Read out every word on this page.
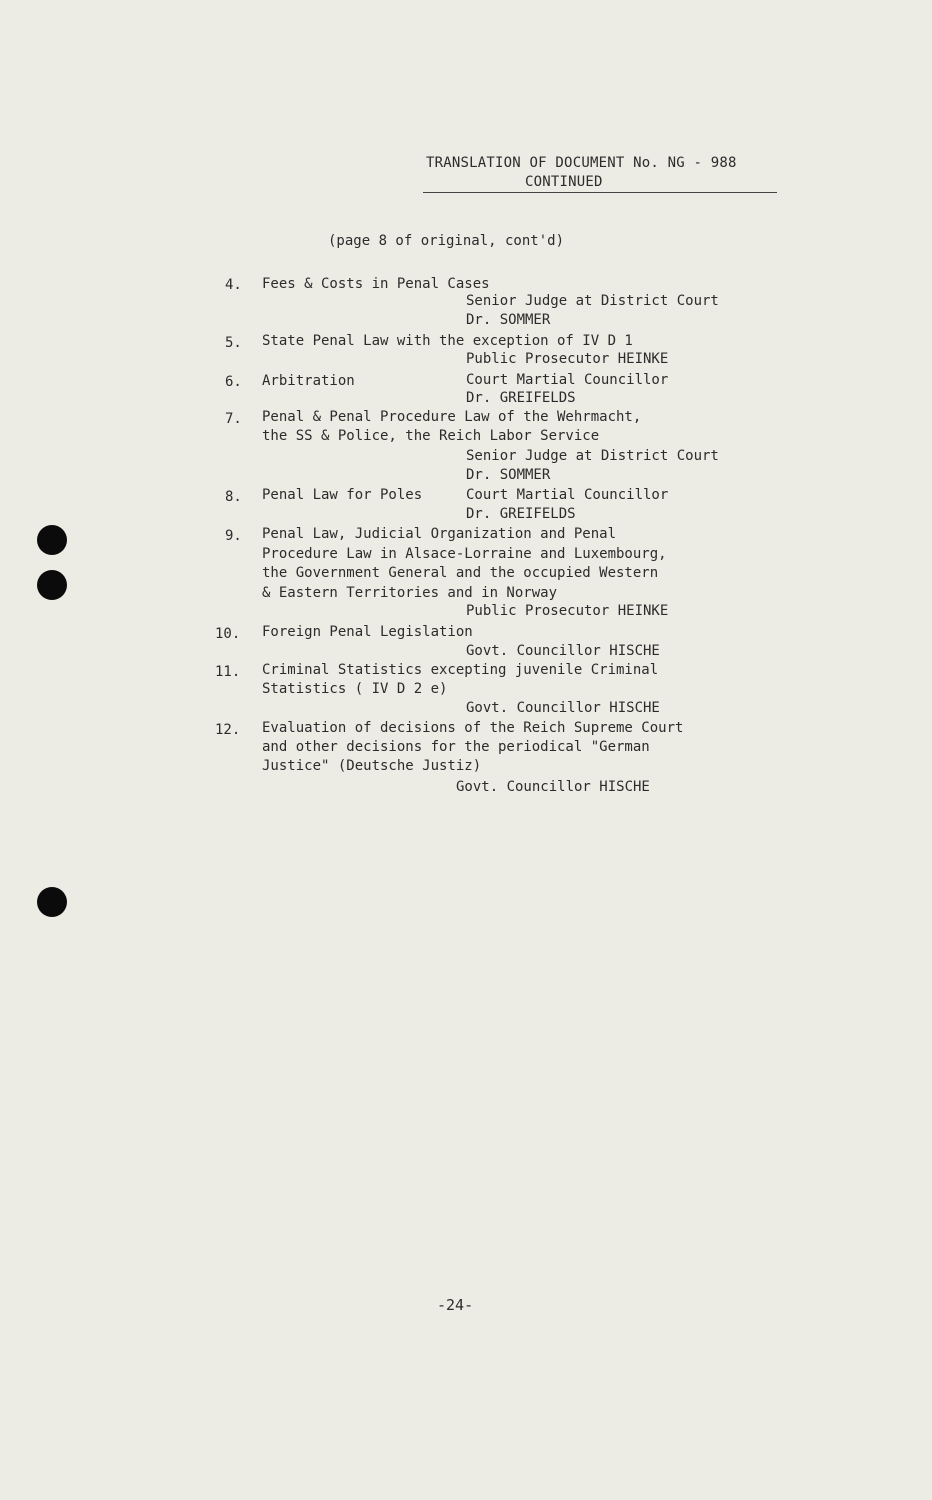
TRANSLATION OF DOCUMENT No. NG - 988
CONTINUED
(page 8 of original, cont'd)
4. Fees & Costs in Penal Cases
Senior Judge at District Court
Dr. SOMMER
5. State Penal Law with the exception of IV D 1
Public Prosecutor HEINKE
6. Arbitration	Court Martial Councillor
Dr. GREIFELDS
7. Penal & Penal Procedure Law of the Wehrmacht,
the SS & Police, the Reich Labor Service
Senior Judge at District Court
Dr. SOMMER
8. Penal Law for Poles	Court Martial Councillor
Dr. GREIFELDS
9. Penal Law, Judicial Organization and Penal
Procedure Law in Alsace-Lorraine and Luxembourg,
the Government General and the occupied Western
& Eastern Territories and in Norway
Public Prosecutor HEINKE
10. Foreign Penal Legislation
Govt. Councillor HISCHE
11. Criminal Statistics excepting juvenile Criminal
Statistics ( IV D 2 e)
Govt. Councillor HISCHE
12. Evaluation of decisions of the Reich Supreme Court
and other decisions for the periodical "German
Justice" (Deutsche Justiz)
Govt. Councillor HISCHE
-24-
